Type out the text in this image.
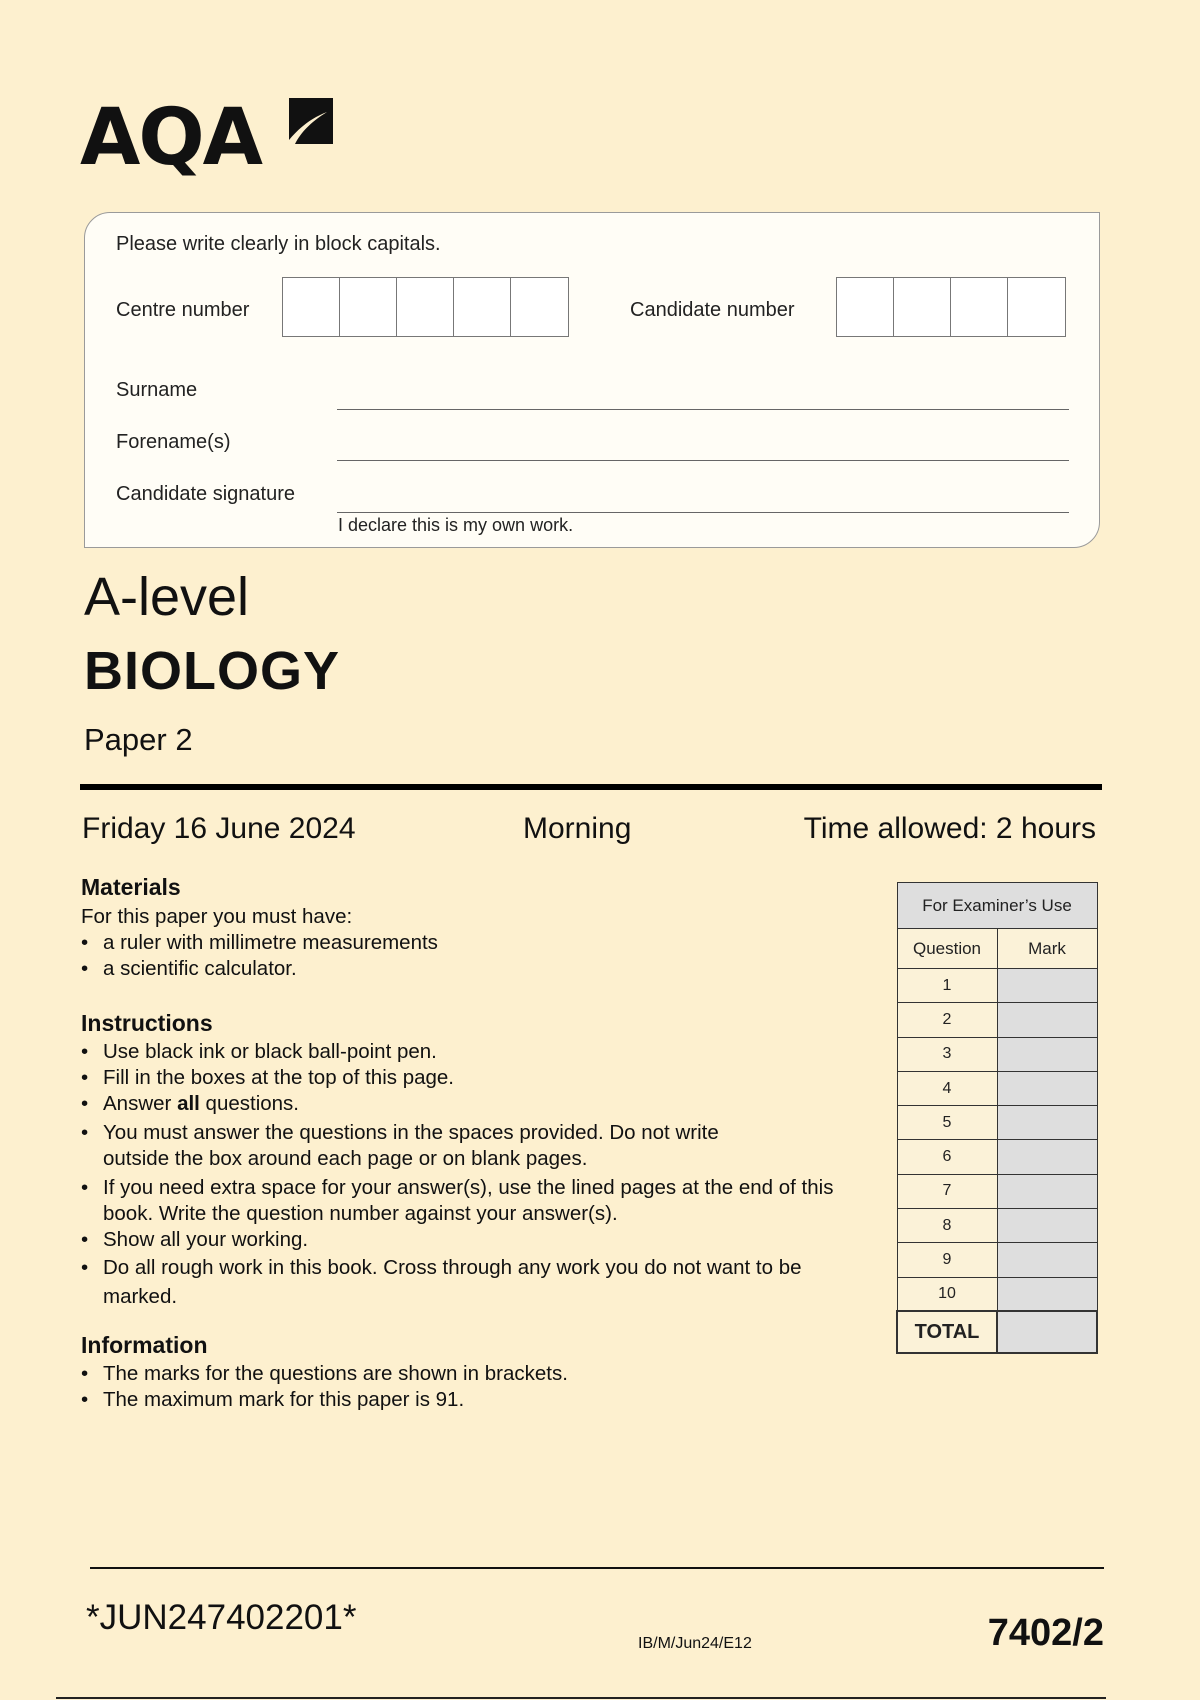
AQA
Please write clearly in block capitals.
Centre number	Candidate number
Surname
Forename(s)
Candidate signature
I declare this is my own work.
A-level
BIOLOGY
Paper 2
Friday 16 June 2024	Morning	Time allowed: 2 hours
Materials

For this paper you must have:

• a ruler with millimetre measurements
• a scientific calculator.
Instructions
• Use black ink or black ball-point pen.
• Fill in the boxes at the top of this page.
• Answer all questions.
• You must answer the questions in the spaces provided. Do not write outside the box around each page or on blank pages.
• If you need extra space for your answer(s), use the lined pages at the end of this book. Write the question number against your answer(s).
• Show all your working.
• Do all rough work in this book. Cross through any work you do not want to be marked.
Information
• The marks for the questions are shown in brackets.
• The maximum mark for this paper is 91.
For Examiner’s Use	
Question	Mark
1	
2	
3	
4	
5	
6	
7	
8	
9	
10	
TOTAL	
*JUN247402201*
IB/M/Jun24/E12	7402/2
